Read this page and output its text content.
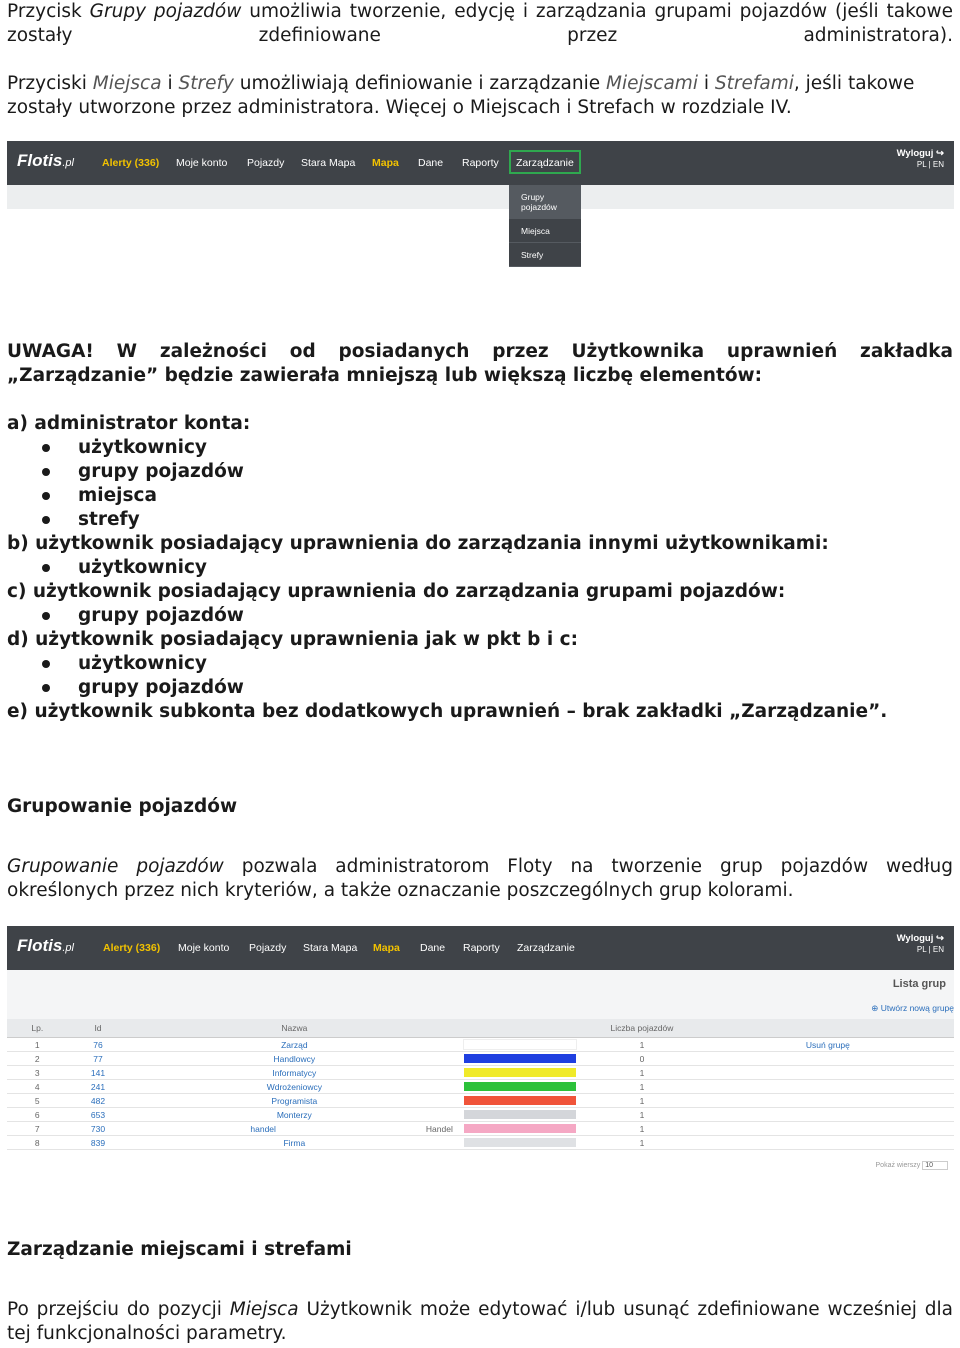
Przycisk Grupy pojazdów umożliwia tworzenie, edycję i zarządzania grupami pojazdów (jeśli takowe zostały zdefiniowane przez administratora).
Przyciski Miejsca i Strefy umożliwiają definiowanie i zarządzanie Miejscami i Strefami, jeśli takowe zostały utworzone przez administratora. Więcej o Miejscach i Strefach w rozdziale IV.
Flotis.pl	Alerty (336) Moje konto Pojazdy Stara Mapa Mapa Dane Raporty	Zarządzanie
Wyloguj ↪
PL | EN
Grupy pojazdów
Miejsca
Strefy
UWAGA! W zależności od posiadanych przez Użytkownika uprawnień zakładka
„Zarządzanie” będzie zawierała mniejszą lub większą liczbę elementów:
a) administrator konta:
użytkownicy
grupy pojazdów
miejsca
strefy
b) użytkownik posiadający uprawnienia do zarządzania innymi użytkownikami:
użytkownicy
c) użytkownik posiadający uprawnienia do zarządzania grupami pojazdów:
grupy pojazdów
d) użytkownik posiadający uprawnienia jak w pkt b i c:
użytkownicy
grupy pojazdów
e) użytkownik subkonta bez dodatkowych uprawnień – brak zakładki „Zarządzanie”.
Grupowanie pojazdów
Grupowanie pojazdów pozwala administratorom Floty na tworzenie grup pojazdów według określonych przez nich kryteriów, a także oznaczanie poszczególnych grup kolorami.
Flotis.pl	Alerty (336) Moje konto Pojazdy Stara Mapa Mapa Dane Raporty Zarządzanie
Wyloguj ↪
PL | EN
Lista grup
⊕ Utwórz nową grupę
Lp.	Id	Nazwa		Liczba pojazdów	
1	76	Zarząd		1	Usuń grupę
2	77	Handlowcy		0	
3	141	Informatycy		1	
4	241	Wdrożeniowcy		1	
5	482	Programista		1	
6	653	Monterzy		1	
7	730	handel Handel		1	
8	839	Firma		1	
Pokaż wierszy 10
Zarządzanie miejscami i strefami
Po przejściu do pozycji Miejsca Użytkownik może edytować i/lub usunąć zdefiniowane wcześniej dla tej funkcjonalności parametry.
